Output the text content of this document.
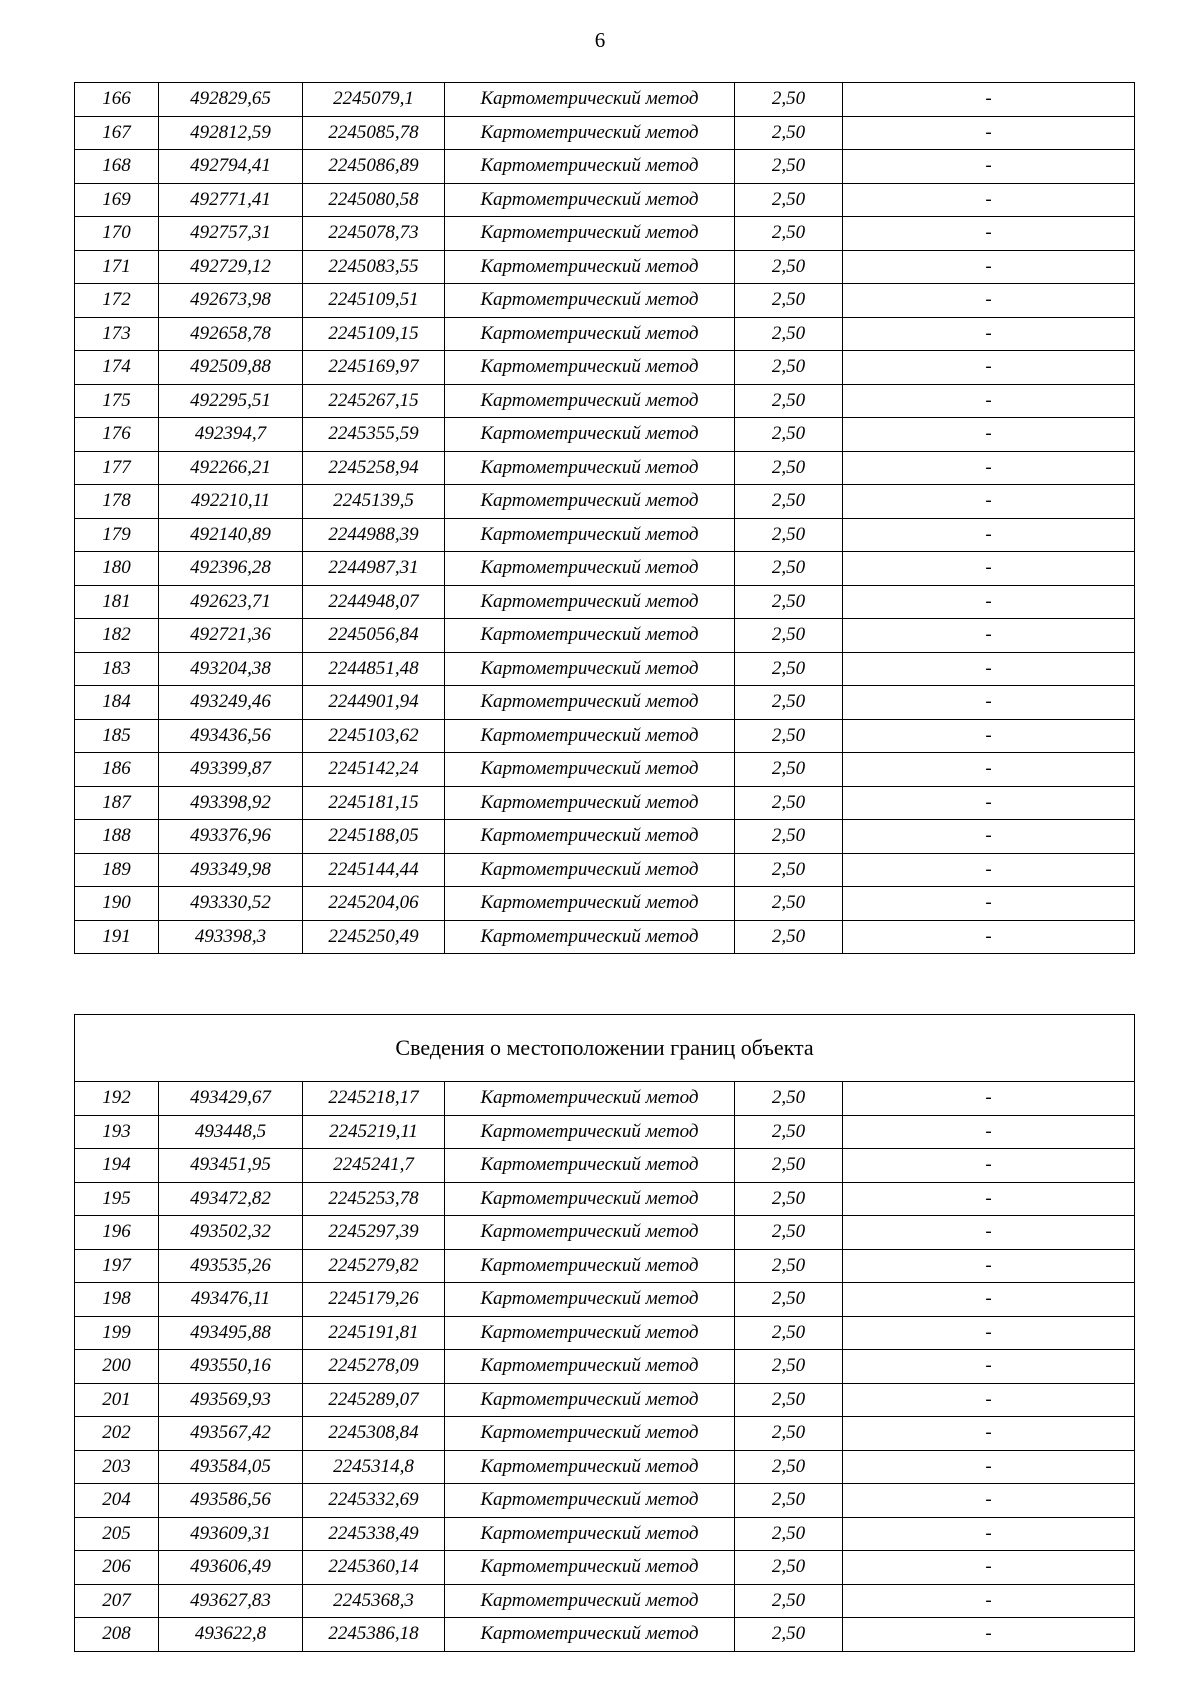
6
166	492829,65	2245079,1	Картометрический метод	2,50	-
167	492812,59	2245085,78	Картометрический метод	2,50	-
168	492794,41	2245086,89	Картометрический метод	2,50	-
169	492771,41	2245080,58	Картометрический метод	2,50	-
170	492757,31	2245078,73	Картометрический метод	2,50	-
171	492729,12	2245083,55	Картометрический метод	2,50	-
172	492673,98	2245109,51	Картометрический метод	2,50	-
173	492658,78	2245109,15	Картометрический метод	2,50	-
174	492509,88	2245169,97	Картометрический метод	2,50	-
175	492295,51	2245267,15	Картометрический метод	2,50	-
176	492394,7	2245355,59	Картометрический метод	2,50	-
177	492266,21	2245258,94	Картометрический метод	2,50	-
178	492210,11	2245139,5	Картометрический метод	2,50	-
179	492140,89	2244988,39	Картометрический метод	2,50	-
180	492396,28	2244987,31	Картометрический метод	2,50	-
181	492623,71	2244948,07	Картометрический метод	2,50	-
182	492721,36	2245056,84	Картометрический метод	2,50	-
183	493204,38	2244851,48	Картометрический метод	2,50	-
184	493249,46	2244901,94	Картометрический метод	2,50	-
185	493436,56	2245103,62	Картометрический метод	2,50	-
186	493399,87	2245142,24	Картометрический метод	2,50	-
187	493398,92	2245181,15	Картометрический метод	2,50	-
188	493376,96	2245188,05	Картометрический метод	2,50	-
189	493349,98	2245144,44	Картометрический метод	2,50	-
190	493330,52	2245204,06	Картометрический метод	2,50	-
191	493398,3	2245250,49	Картометрический метод	2,50	-
Сведения о местоположении границ объекта					
192	493429,67	2245218,17	Картометрический метод	2,50	-
193	493448,5	2245219,11	Картометрический метод	2,50	-
194	493451,95	2245241,7	Картометрический метод	2,50	-
195	493472,82	2245253,78	Картометрический метод	2,50	-
196	493502,32	2245297,39	Картометрический метод	2,50	-
197	493535,26	2245279,82	Картометрический метод	2,50	-
198	493476,11	2245179,26	Картометрический метод	2,50	-
199	493495,88	2245191,81	Картометрический метод	2,50	-
200	493550,16	2245278,09	Картометрический метод	2,50	-
201	493569,93	2245289,07	Картометрический метод	2,50	-
202	493567,42	2245308,84	Картометрический метод	2,50	-
203	493584,05	2245314,8	Картометрический метод	2,50	-
204	493586,56	2245332,69	Картометрический метод	2,50	-
205	493609,31	2245338,49	Картометрический метод	2,50	-
206	493606,49	2245360,14	Картометрический метод	2,50	-
207	493627,83	2245368,3	Картометрический метод	2,50	-
208	493622,8	2245386,18	Картометрический метод	2,50	-
